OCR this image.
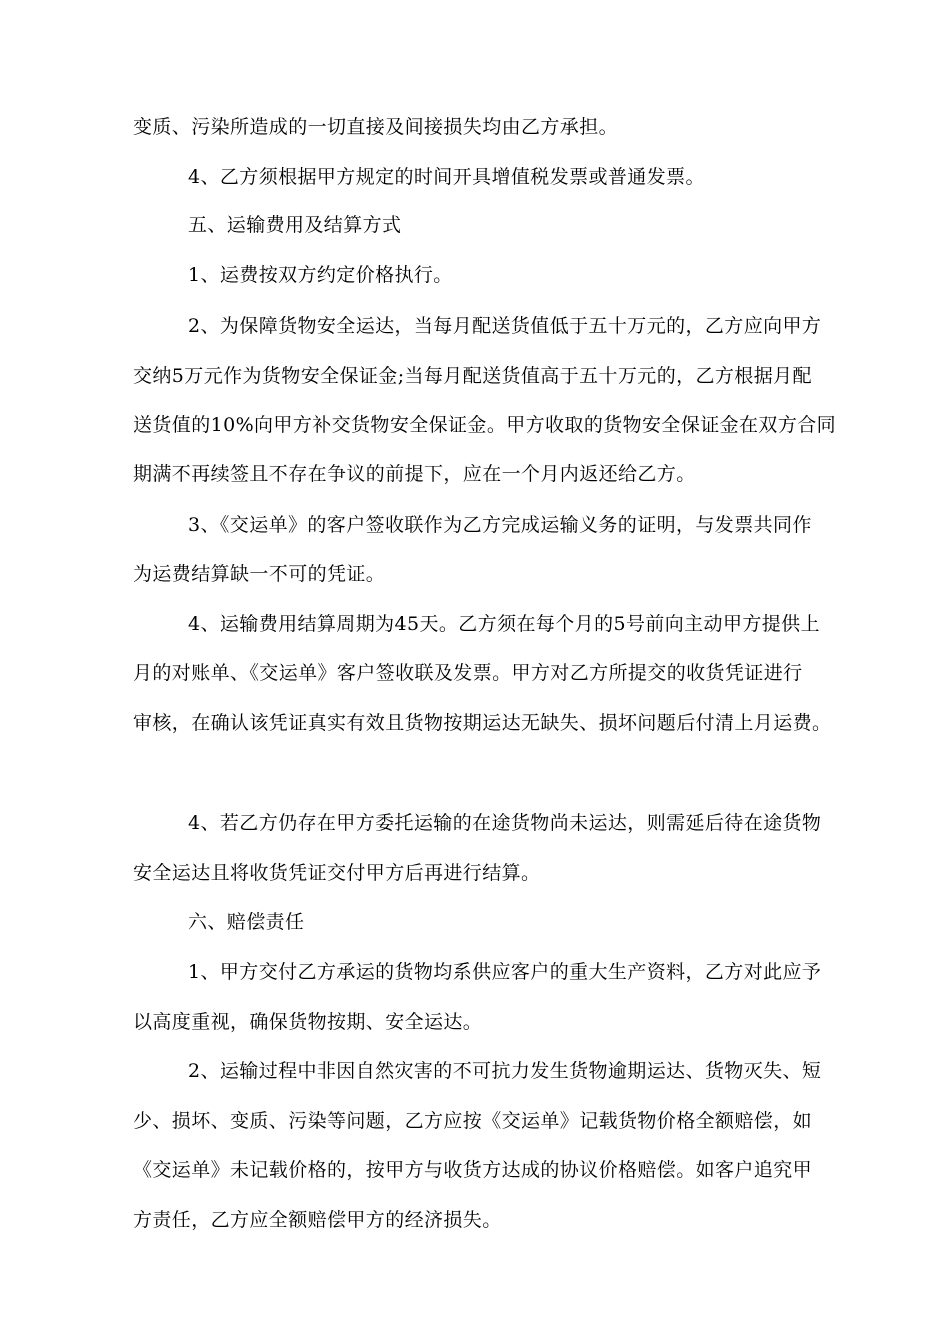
变质、污染所造成的一切直接及间接损失均由乙方承担。
4、乙方须根据甲方规定的时间开具增值税发票或普通发票。
五、运输费用及结算方式
1、运费按双方约定价格执行。
2、为保障货物安全运达，当每月配送货值低于五十万元的，乙方应向甲方
交纳5万元作为货物安全保证金;当每月配送货值高于五十万元的，乙方根据月配
送货值的10%向甲方补交货物安全保证金。甲方收取的货物安全保证金在双方合同
期满不再续签且不存在争议的前提下，应在一个月内返还给乙方。
3、《交运单》的客户签收联作为乙方完成运输义务的证明，与发票共同作
为运费结算缺一不可的凭证。
4、运输费用结算周期为45天。乙方须在每个月的5号前向主动甲方提供上
月的对账单、《交运单》客户签收联及发票。甲方对乙方所提交的收货凭证进行
审核，在确认该凭证真实有效且货物按期运达无缺失、损坏问题后付清上月运费。
4、若乙方仍存在甲方委托运输的在途货物尚未运达，则需延后待在途货物
安全运达且将收货凭证交付甲方后再进行结算。
六、赔偿责任
1、甲方交付乙方承运的货物均系供应客户的重大生产资料，乙方对此应予
以高度重视，确保货物按期、安全运达。
2、运输过程中非因自然灾害的不可抗力发生货物逾期运达、货物灭失、短
少、损坏、变质、污染等问题，乙方应按《交运单》记载货物价格全额赔偿，如
《交运单》未记载价格的，按甲方与收货方达成的协议价格赔偿。如客户追究甲
方责任，乙方应全额赔偿甲方的经济损失。
